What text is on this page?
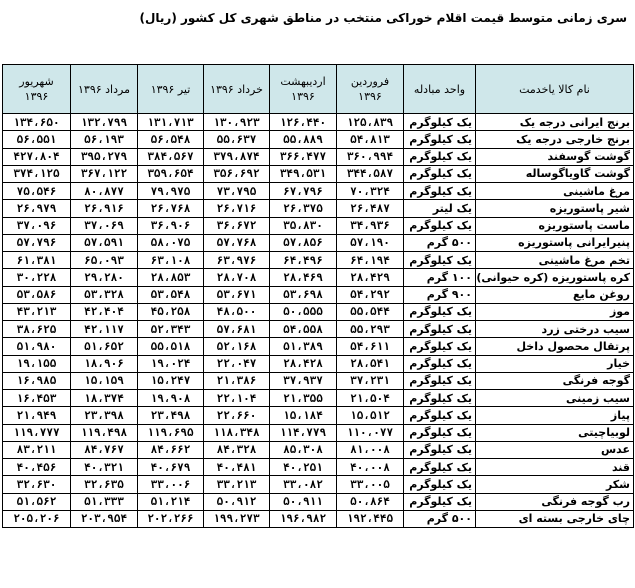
سری زمانی متوسط قیمت اقلام خوراکی منتخب در مناطق شهری کل کشور (ریال)
نام کالا یاخدمت	واحد مبادله	فروردین ۱۳۹۶	اردیبهشت ۱۳۹۶	خرداد ۱۳۹۶	تیر ۱۳۹۶	مرداد ۱۳۹۶	شهریور ۱۳۹۶
برنج ایرانی درجه یک	یک کیلوگرم	۱۲۵،۸۳۹	۱۲۶،۴۴۰	۱۳۰،۹۲۳	۱۳۱،۷۱۳	۱۳۲،۷۹۹	۱۳۴،۶۵۰
برنج خارجی درجه یک	یک کیلوگرم	۵۴،۸۱۳	۵۵،۸۸۹	۵۵،۶۳۷	۵۶،۵۴۸	۵۶،۱۹۳	۵۶،۵۵۱
گوشت گوسفند	یک کیلوگرم	۳۶۰،۹۹۴	۳۶۶،۴۷۷	۳۷۹،۸۷۴	۳۸۴،۵۶۷	۳۹۵،۲۷۹	۴۲۷،۸۰۴
گوشت گاوياگوساله	یک کیلوگرم	۳۴۴،۵۸۷	۳۴۹،۵۳۱	۳۵۶،۶۹۲	۳۵۹،۶۵۴	۳۶۷،۱۲۲	۳۷۴،۱۲۵
مرغ ماشینی	یک کیلوگرم	۷۰،۳۲۴	۶۷،۷۹۶	۷۳،۷۹۵	۷۹،۹۷۵	۸۰،۸۷۷	۷۵،۵۴۶
شیر پاستوریزه	یک لیتر	۲۶،۴۸۷	۲۶،۳۷۵	۲۶،۷۱۶	۲۶،۷۶۸	۲۶،۹۱۶	۲۶،۹۷۹
ماست پاستوریزه	یک کیلوگرم	۳۴،۹۳۶	۳۵،۸۳۰	۳۶،۶۷۲	۳۶،۹۰۶	۳۷،۰۶۹	۳۷،۰۹۶
پنیرایرانی پاستوریزه	۵۰۰ گرم	۵۷،۱۹۰	۵۷،۸۵۶	۵۷،۷۶۸	۵۸،۰۷۵	۵۷،۵۹۱	۵۷،۷۹۶
تخم مرغ ماشینی	یک کیلوگرم	۶۴،۱۹۴	۶۴،۴۹۶	۶۳،۹۷۶	۶۳،۱۰۸	۶۵،۰۹۳	۶۱،۳۸۱
کره پاستوریزه (کره حیوانی)	۱۰۰ گرم	۲۸،۴۲۹	۲۸،۴۶۹	۲۸،۷۰۸	۲۸،۸۵۳	۲۹،۲۸۰	۳۰،۲۲۸
روغن مایع	۹۰۰ گرم	۵۴،۲۹۲	۵۳،۶۹۸	۵۳،۶۷۱	۵۳،۵۴۸	۵۳،۳۲۸	۵۳،۵۸۶
موز	یک کیلوگرم	۵۵،۵۴۴	۵۰،۵۵۵	۴۸،۵۰۰	۴۵،۲۵۸	۴۲،۴۰۴	۴۳،۲۱۳
سیب درختی زرد	یک کیلوگرم	۵۵،۲۹۳	۵۴،۵۵۸	۵۷،۶۸۱	۵۲،۳۴۳	۴۲،۱۱۷	۳۸،۶۲۵
پرتقال محصول داخل	یک کیلوگرم	۵۴،۶۱۱	۵۱،۳۸۹	۵۲،۱۶۸	۵۵،۵۱۸	۵۱،۶۵۲	۵۱،۹۸۰
خیار	یک کیلوگرم	۲۸،۵۴۱	۲۸،۴۲۸	۲۲،۰۴۷	۱۹،۰۲۴	۱۸،۹۰۶	۱۹،۱۵۵
گوجه فرنگی	یک کیلوگرم	۳۷،۲۳۱	۳۷،۹۳۷	۲۱،۳۸۶	۱۵،۲۴۷	۱۵،۱۵۹	۱۶،۹۸۵
سیب زمینی	یک کیلوگرم	۲۱،۵۰۴	۲۱،۳۵۵	۲۲،۱۰۴	۱۹،۹۰۸	۱۸،۳۷۴	۱۶،۴۵۳
پیاز	یک کیلوگرم	۱۵،۵۱۲	۱۵،۱۸۴	۲۲،۶۶۰	۲۳،۴۹۸	۲۳،۳۹۸	۲۱،۹۴۹
لوبیاچیتی	یک کیلوگرم	۱۱۰،۰۷۷	۱۱۴،۷۷۹	۱۱۸،۳۴۸	۱۱۹،۶۹۵	۱۱۹،۴۹۸	۱۱۹،۷۷۷
عدس	یک کیلوگرم	۸۱،۰۰۸	۸۵،۳۰۸	۸۴،۳۲۸	۸۴،۶۶۲	۸۴،۷۶۷	۸۳،۲۱۱
قند	یک کیلوگرم	۴۰،۰۰۸	۴۰،۲۵۱	۴۰،۴۸۱	۴۰،۶۷۹	۴۰،۳۲۱	۴۰،۴۵۶
شکر	یک کیلوگرم	۳۳،۰۰۵	۳۳،۰۸۲	۳۳،۲۱۳	۳۳،۰۰۶	۳۲،۶۳۵	۳۲،۶۳۰
رب گوجه فرنگی	یک کیلوگرم	۵۰،۸۶۴	۵۰،۹۱۱	۵۰،۹۱۲	۵۱،۲۱۴	۵۱،۳۳۳	۵۱،۵۶۲
چای خارجی بسته ای	۵۰۰ گرم	۱۹۲،۴۴۵	۱۹۶،۹۸۲	۱۹۹،۲۷۳	۲۰۲،۲۶۶	۲۰۳،۹۵۴	۲۰۵،۲۰۶
